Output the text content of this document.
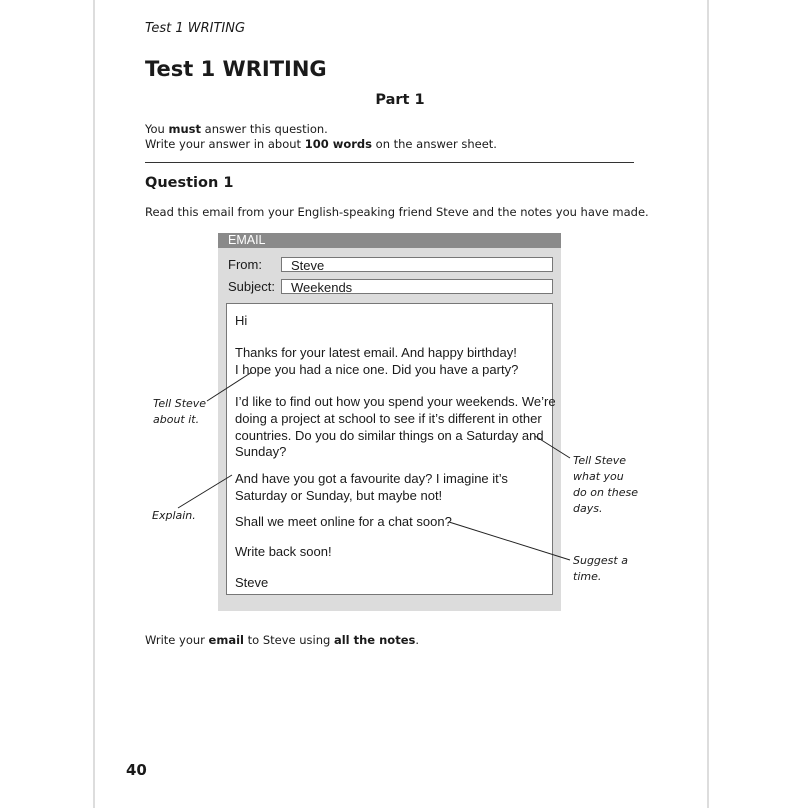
Test 1 WRITING
Test 1 WRITING
Part 1
You must answer this question.
Write your answer in about 100 words on the answer sheet.
Question 1
Read this email from your English-speaking friend Steve and the notes you have made.
EMAIL
From:	Steve
Subject:	Weekends
Hi
Thanks for your latest email. And happy birthday!
I hope you had a nice one. Did you have a party?
I’d like to find out how you spend your weekends. We’re
doing a project at school to see if it’s different in other
countries. Do you do similar things on a Saturday and
Sunday?
And have you got a favourite day? I imagine it’s
Saturday or Sunday, but maybe not!
Shall we meet online for a chat soon?
Write back soon!
Steve
Tell Steve
about it.
Tell Steve
what you
do on these
days.
Explain.
Suggest a
time.
Write your email to Steve using all the notes.
40
